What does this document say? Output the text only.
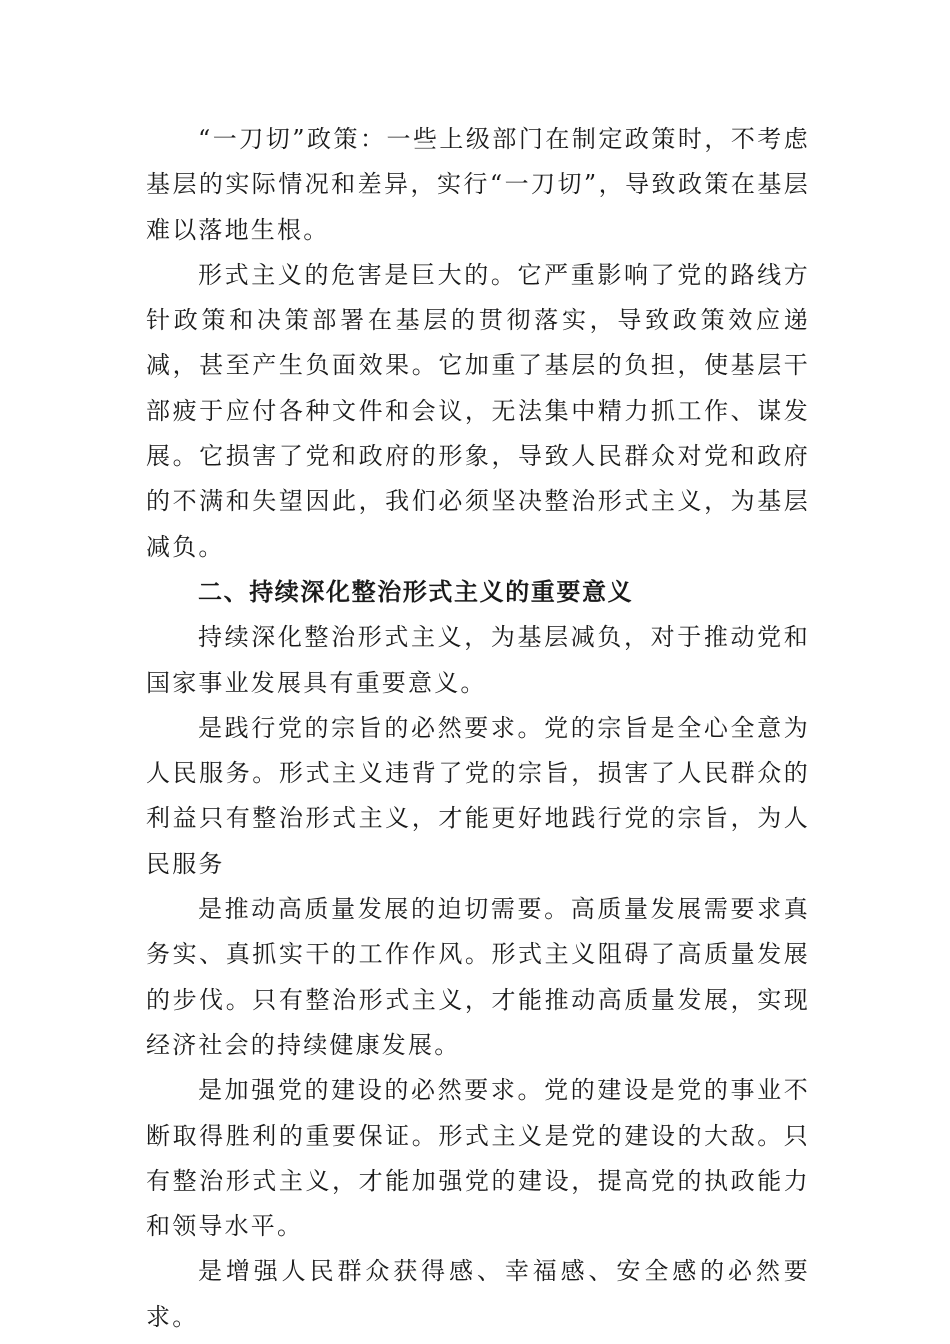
“一刀切”政策：一些上级部门在制定政策时，不考虑基层的实际情况和差异，实行“一刀切”，导致政策在基层难以落地生根。

形式主义的危害是巨大的。它严重影响了党的路线方针政策和决策部署在基层的贯彻落实，导致政策效应递减，甚至产生负面效果。它加重了基层的负担，使基层干部疲于应付各种文件和会议，无法集中精力抓工作、谋发展。它损害了党和政府的形象，导致人民群众对党和政府的不满和失望因此，我们必须坚决整治形式主义，为基层减负。

二、持续深化整治形式主义的重要意义

持续深化整治形式主义，为基层减负，对于推动党和国家事业发展具有重要意义。

是践行党的宗旨的必然要求。党的宗旨是全心全意为人民服务。形式主义违背了党的宗旨，损害了人民群众的利益只有整治形式主义，才能更好地践行党的宗旨，为人民服务

是推动高质量发展的迫切需要。高质量发展需要求真务实、真抓实干的工作作风。形式主义阻碍了高质量发展的步伐。只有整治形式主义，才能推动高质量发展，实现经济社会的持续健康发展。

是加强党的建设的必然要求。党的建设是党的事业不断取得胜利的重要保证。形式主义是党的建设的大敌。只有整治形式主义，才能加强党的建设，提高党的执政能力和领导水平。

是增强人民群众获得感、幸福感、安全感的必然要求。
